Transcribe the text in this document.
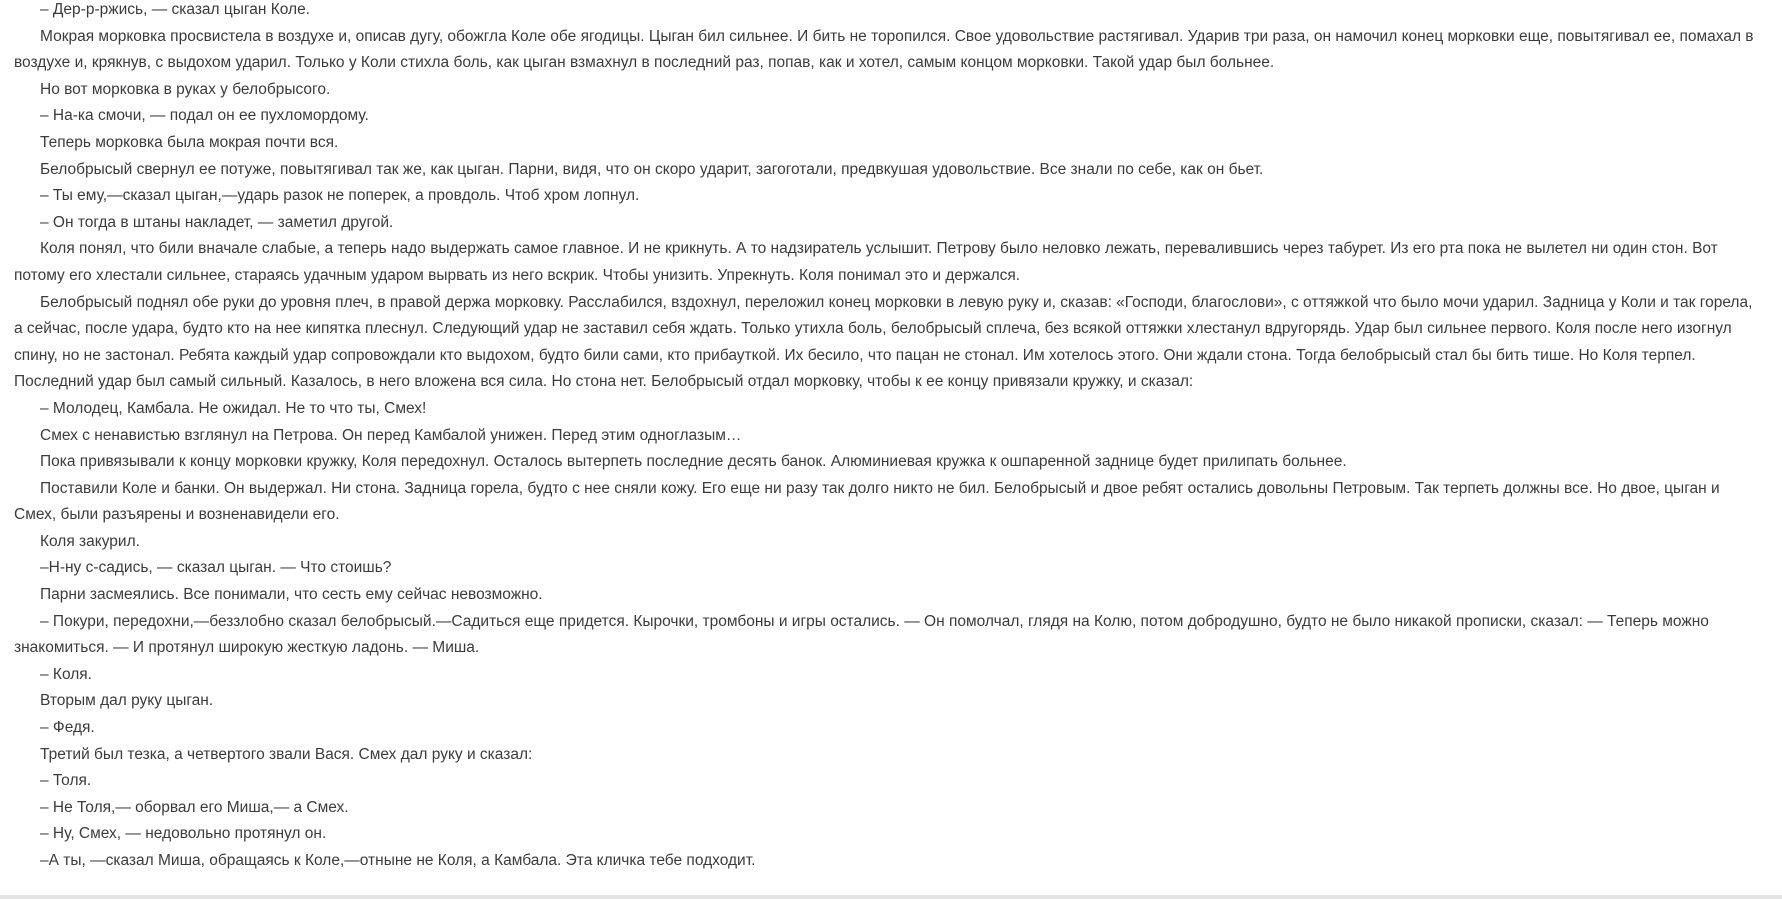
– Дер-р-ржись, — сказал цыган Коле.

Мокрая морковка просвистела в воздухе и, описав дугу, обожгла Коле обе ягодицы. Цыган бил сильнее. И бить не торопился. Свое удовольствие растягивал. Ударив три раза, он намочил конец морковки еще, повытягивал ее, помахал в воздухе и, крякнув, с выдохом ударил. Только у Коли стихла боль, как цыган взмахнул в последний раз, попав, как и хотел, самым концом морковки. Такой удар был больнее.

Но вот морковка в руках у белобрысого.

– На-ка смочи, — подал он ее пухломордому.

Теперь морковка была мокрая почти вся.

Белобрысый свернул ее потуже, повытягивал так же, как цыган. Парни, видя, что он скоро ударит, загоготали, предвкушая удовольствие. Все знали по себе, как он бьет.

– Ты ему,—сказал цыган,—ударь разок не поперек, а провдоль. Чтоб хром лопнул.

– Он тогда в штаны накладет, — заметил другой.

Коля понял, что били вначале слабые, а теперь надо выдержать самое главное. И не крикнуть. А то надзиратель услышит. Петрову было неловко лежать, перевалившись через табурет. Из его рта пока не вылетел ни один стон. Вот потому его хлестали сильнее, стараясь удачным ударом вырвать из него вскрик. Чтобы унизить. Упрекнуть. Коля понимал это и держался.

Белобрысый поднял обе руки до уровня плеч, в правой держа морковку. Расслабился, вздохнул, переложил конец морковки в левую руку и, сказав: «Господи, благослови», с оттяжкой что было мочи ударил. Задница у Коли и так горела, а сейчас, после удара, будто кто на нее кипятка плеснул. Следующий удар не заставил себя ждать. Только утихла боль, белобрысый сплеча, без всякой оттяжки хлестанул вдругорядь. Удар был сильнее первого. Коля после него изогнул спину, но не застонал. Ребята каждый удар сопровождали кто выдохом, будто били сами, кто прибауткой. Их бесило, что пацан не стонал. Им хотелось этого. Они ждали стона. Тогда белобрысый стал бы бить тише. Но Коля терпел. Последний удар был самый сильный. Казалось, в него вложена вся сила. Но стона нет. Белобрысый отдал морковку, чтобы к ее концу привязали кружку, и сказал:

– Молодец, Камбала. Не ожидал. Не то что ты, Смех!

Смех с ненавистью взглянул на Петрова. Он перед Камбалой унижен. Перед этим одноглазым…

Пока привязывали к концу морковки кружку, Коля передохнул. Осталось вытерпеть последние десять банок. Алюминиевая кружка к ошпаренной заднице будет прилипать больнее.

Поставили Коле и банки. Он выдержал. Ни стона. Задница горела, будто с нее сняли кожу. Его еще ни разу так долго никто не бил. Белобрысый и двое ребят остались довольны Петровым. Так терпеть должны все. Но двое, цыган и Смех, были разъярены и возненавидели его.

Коля закурил.

–Н-ну с-садись, — сказал цыган. — Что стоишь?

Парни засмеялись. Все понимали, что сесть ему сейчас невозможно.

– Покури, передохни,—беззлобно сказал белобрысый.—Садиться еще придется. Кырочки, тромбоны и игры остались. — Он помолчал, глядя на Колю, потом добродушно, будто не было никакой прописки, сказал: — Теперь можно знакомиться. — И протянул широкую жесткую ладонь. — Миша.

– Коля.

Вторым дал руку цыган.

– Федя.

Третий был тезка, а четвертого звали Вася. Смех дал руку и сказал:

– Толя.

– Не Толя,— оборвал его Миша,— а Смех.

– Ну, Смех, — недовольно протянул он.

–А ты, —сказал Миша, обращаясь к Коле,—отныне не Коля, а Камбала. Эта кличка тебе подходит.
